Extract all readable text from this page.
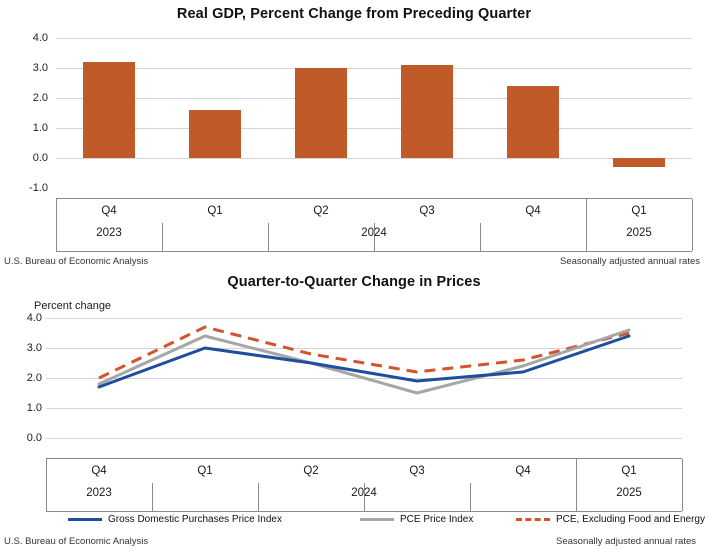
Real GDP, Percent Change from Preceding Quarter
4.0
3.0
2.0
1.0
0.0
-1.0
Q4	Q1	Q2	Q3	Q4	Q1
2023	2024	2025
U.S. Bureau of Economic Analysis	Seasonally adjusted annual rates
Quarter-to-Quarter Change in Prices
Percent change
4.0
3.0
2.0
1.0
0.0
Q4	Q1	Q2	Q3	Q4	Q1
2023	2024	2025
Gross Domestic Purchases Price Index	PCE Price Index	PCE, Excluding Food and Energy
U.S. Bureau of Economic Analysis	Seasonally adjusted annual rates
